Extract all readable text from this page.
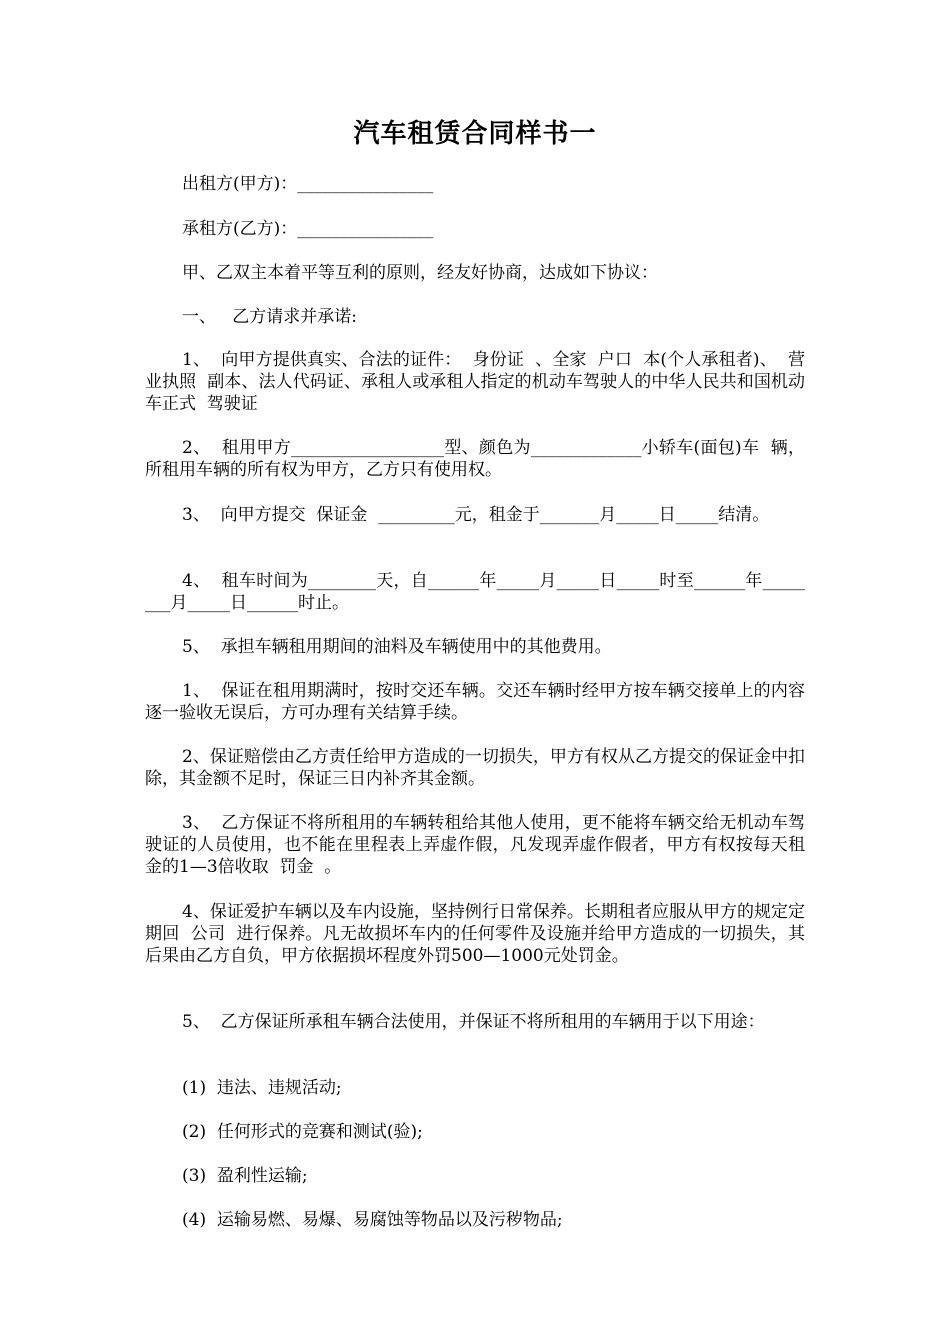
汽车租赁合同样书一
出租方(甲方)：________________
承租方(乙方)：________________
甲、乙双主本着平等互利的原则，经友好协商，达成如下协议：
一、   乙方请求并承诺:
1、  向甲方提供真实、合法的证件：  身份证  、全家  户口  本(个人承租者)、  营业执照  副本、法人代码证、承租人或承租人指定的机动车驾驶人的中华人民共和国机动车正式  驾驶证
2、  租用甲方__________________型、颜色为_____________小轿车(面包)车  辆，所租用车辆的所有权为甲方，乙方只有使用权。
3、  向甲方提交  保证金  _________元，租金于_______月_____日_____结清。
4、  租车时间为________天，自______年_____月_____日_____时至______年________月_____日______时止。
5、  承担车辆租用期间的油料及车辆使用中的其他费用。
1、  保证在租用期满时，按时交还车辆。交还车辆时经甲方按车辆交接单上的内容逐一验收无误后，方可办理有关结算手续。
2、保证赔偿由乙方责任给甲方造成的一切损失，甲方有权从乙方提交的保证金中扣除，其金额不足时，保证三日内补齐其金额。
3、  乙方保证不将所租用的车辆转租给其他人使用，更不能将车辆交给无机动车驾驶证的人员使用，也不能在里程表上弄虚作假，凡发现弄虚作假者，甲方有权按每天租金的1—3倍收取  罚金  。
4、保证爱护车辆以及车内设施，坚持例行日常保养。长期租者应服从甲方的规定定期回  公司  进行保养。凡无故损坏车内的任何零件及设施并给甲方造成的一切损失，其后果由乙方自负，甲方依据损坏程度外罚500—1000元处罚金。
5、  乙方保证所承租车辆合法使用，并保证不将所租用的车辆用于以下用途：
(1)  违法、违规活动;
(2)  任何形式的竞赛和测试(验);
(3)  盈利性运输;
(4)  运输易燃、易爆、易腐蚀等物品以及污秽物品;
